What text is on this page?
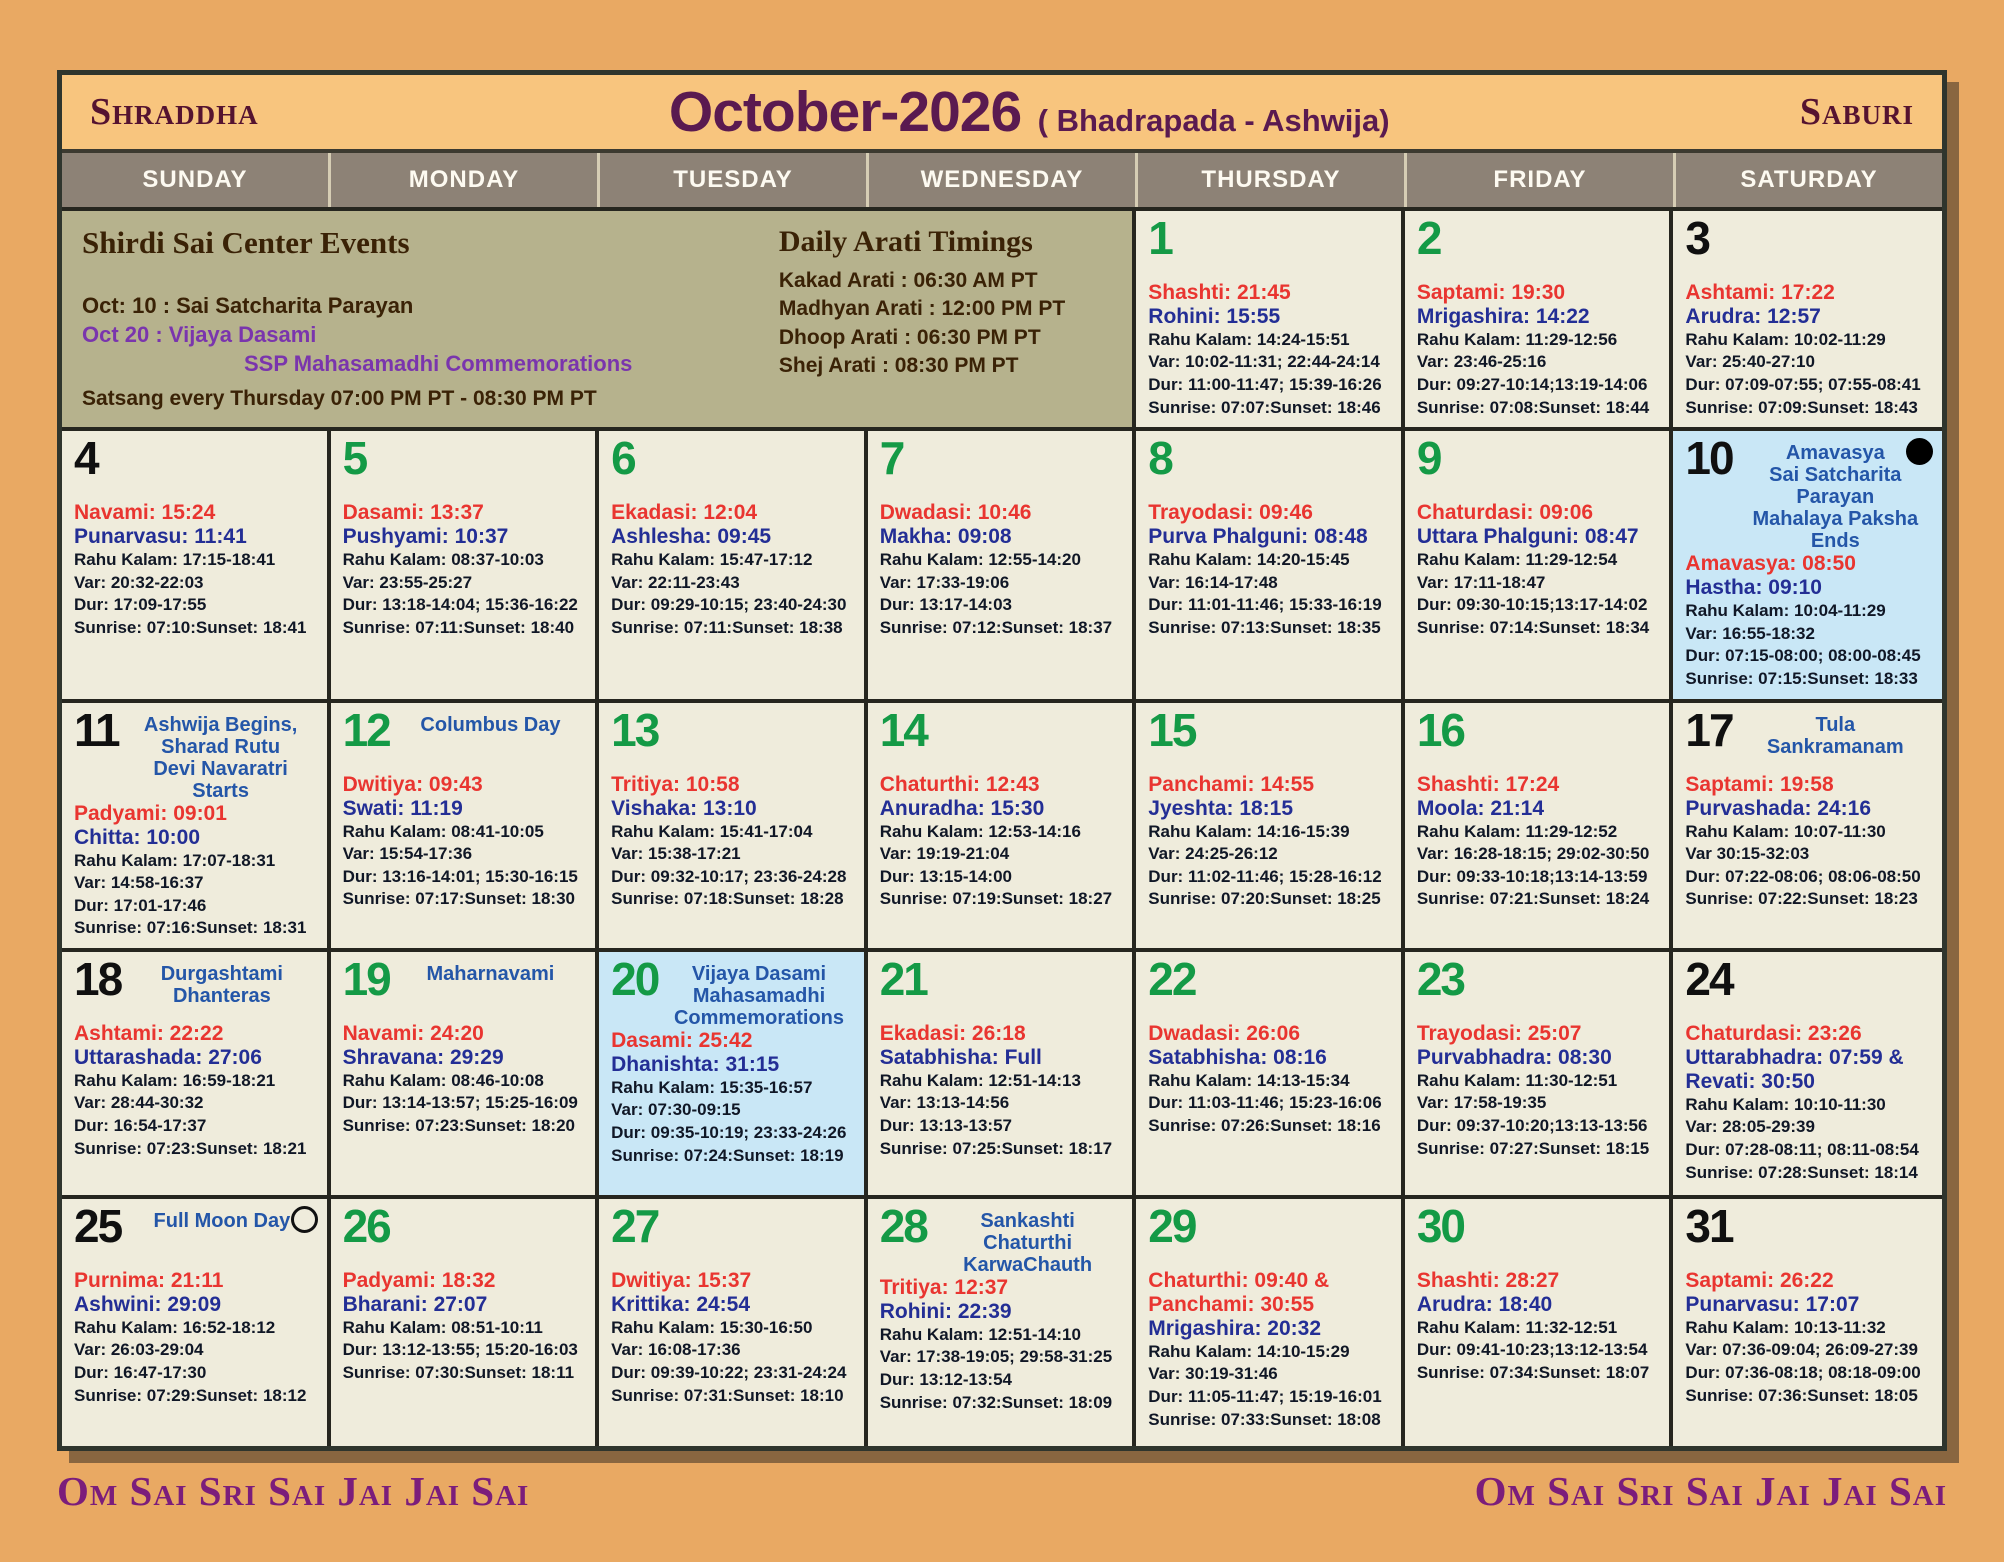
Shraddha	October-2026 ( Bhadrapada - Ashwija)	Saburi
SUNDAY	MONDAY	TUESDAY	WEDNESDAY	THURSDAY	FRIDAY	SATURDAY
Shirdi Sai Center Events
Oct: 10 : Sai Satcharita Parayan
Oct 20 : Vijaya Dasami
SSP Mahasamadhi Commemorations
Satsang every Thursday 07:00 PM PT - 08:30 PM PT
Daily Arati Timings
Kakad Arati : 06:30 AM PT
Madhyan Arati : 12:00 PM PT
Dhoop Arati : 06:30 PM PT
Shej Arati : 08:30 PM PT
1
Shashti: 21:45
Rohini: 15:55
Rahu Kalam: 14:24-15:51
Var: 10:02-11:31; 22:44-24:14
Dur: 11:00-11:47; 15:39-16:26
Sunrise: 07:07:Sunset: 18:46
2
Saptami: 19:30
Mrigashira: 14:22
Rahu Kalam: 11:29-12:56
Var: 23:46-25:16
Dur: 09:27-10:14;13:19-14:06
Sunrise: 07:08:Sunset: 18:44
3
Ashtami: 17:22
Arudra: 12:57
Rahu Kalam: 10:02-11:29
Var: 25:40-27:10
Dur: 07:09-07:55; 07:55-08:41
Sunrise: 07:09:Sunset: 18:43
4
Navami: 15:24
Punarvasu: 11:41
Rahu Kalam: 17:15-18:41
Var: 20:32-22:03
Dur: 17:09-17:55
Sunrise: 07:10:Sunset: 18:41
5
Dasami: 13:37
Pushyami: 10:37
Rahu Kalam: 08:37-10:03
Var: 23:55-25:27
Dur: 13:18-14:04; 15:36-16:22
Sunrise: 07:11:Sunset: 18:40
6
Ekadasi: 12:04
Ashlesha: 09:45
Rahu Kalam: 15:47-17:12
Var: 22:11-23:43
Dur: 09:29-10:15; 23:40-24:30
Sunrise: 07:11:Sunset: 18:38
7
Dwadasi: 10:46
Makha: 09:08
Rahu Kalam: 12:55-14:20
Var: 17:33-19:06
Dur: 13:17-14:03
Sunrise: 07:12:Sunset: 18:37
8
Trayodasi: 09:46
Purva Phalguni: 08:48
Rahu Kalam: 14:20-15:45
Var: 16:14-17:48
Dur: 11:01-11:46; 15:33-16:19
Sunrise: 07:13:Sunset: 18:35
9
Chaturdasi: 09:06
Uttara Phalguni: 08:47
Rahu Kalam: 11:29-12:54
Var: 17:11-18:47
Dur: 09:30-10:15;13:17-14:02
Sunrise: 07:14:Sunset: 18:34
10	Amavasya
Sai Satcharita
Parayan
Mahalaya Paksha Ends
Amavasya: 08:50
Hastha: 09:10
Rahu Kalam: 10:04-11:29
Var: 16:55-18:32
Dur: 07:15-08:00; 08:00-08:45
Sunrise: 07:15:Sunset: 18:33
11	Ashwija Begins,
Sharad Rutu
Devi Navaratri Starts
Padyami: 09:01
Chitta: 10:00
Rahu Kalam: 17:07-18:31
Var: 14:58-16:37
Dur: 17:01-17:46
Sunrise: 07:16:Sunset: 18:31
12	Columbus Day
Dwitiya: 09:43
Swati: 11:19
Rahu Kalam: 08:41-10:05
Var: 15:54-17:36
Dur: 13:16-14:01; 15:30-16:15
Sunrise: 07:17:Sunset: 18:30
13
Tritiya: 10:58
Vishaka: 13:10
Rahu Kalam: 15:41-17:04
Var: 15:38-17:21
Dur: 09:32-10:17; 23:36-24:28
Sunrise: 07:18:Sunset: 18:28
14
Chaturthi: 12:43
Anuradha: 15:30
Rahu Kalam: 12:53-14:16
Var: 19:19-21:04
Dur: 13:15-14:00
Sunrise: 07:19:Sunset: 18:27
15
Panchami: 14:55
Jyeshta: 18:15
Rahu Kalam: 14:16-15:39
Var: 24:25-26:12
Dur: 11:02-11:46; 15:28-16:12
Sunrise: 07:20:Sunset: 18:25
16
Shashti: 17:24
Moola: 21:14
Rahu Kalam: 11:29-12:52
Var: 16:28-18:15; 29:02-30:50
Dur: 09:33-10:18;13:14-13:59
Sunrise: 07:21:Sunset: 18:24
17	Tula
Sankramanam
Saptami: 19:58
Purvashada: 24:16
Rahu Kalam: 10:07-11:30
Var 30:15-32:03
Dur: 07:22-08:06; 08:06-08:50
Sunrise: 07:22:Sunset: 18:23
18	Durgashtami
Dhanteras
Ashtami: 22:22
Uttarashada: 27:06
Rahu Kalam: 16:59-18:21
Var: 28:44-30:32
Dur: 16:54-17:37
Sunrise: 07:23:Sunset: 18:21
19	Maharnavami
Navami: 24:20
Shravana: 29:29
Rahu Kalam: 08:46-10:08
Dur: 13:14-13:57; 15:25-16:09
Sunrise: 07:23:Sunset: 18:20
20	Vijaya Dasami
Mahasamadhi
Commemorations
Dasami: 25:42
Dhanishta: 31:15
Rahu Kalam: 15:35-16:57
Var: 07:30-09:15
Dur: 09:35-10:19; 23:33-24:26
Sunrise: 07:24:Sunset: 18:19
21
Ekadasi: 26:18
Satabhisha: Full
Rahu Kalam: 12:51-14:13
Var: 13:13-14:56
Dur: 13:13-13:57
Sunrise: 07:25:Sunset: 18:17
22
Dwadasi: 26:06
Satabhisha: 08:16
Rahu Kalam: 14:13-15:34
Dur: 11:03-11:46; 15:23-16:06
Sunrise: 07:26:Sunset: 18:16
23
Trayodasi: 25:07
Purvabhadra: 08:30
Rahu Kalam: 11:30-12:51
Var: 17:58-19:35
Dur: 09:37-10:20;13:13-13:56
Sunrise: 07:27:Sunset: 18:15
24
Chaturdasi: 23:26
Uttarabhadra: 07:59 &
Revati: 30:50
Rahu Kalam: 10:10-11:30
Var: 28:05-29:39
Dur: 07:28-08:11; 08:11-08:54
Sunrise: 07:28:Sunset: 18:14
25	Full Moon Day
Purnima: 21:11
Ashwini: 29:09
Rahu Kalam: 16:52-18:12
Var: 26:03-29:04
Dur: 16:47-17:30
Sunrise: 07:29:Sunset: 18:12
26
Padyami: 18:32
Bharani: 27:07
Rahu Kalam: 08:51-10:11
Dur: 13:12-13:55; 15:20-16:03
Sunrise: 07:30:Sunset: 18:11
27
Dwitiya: 15:37
Krittika: 24:54
Rahu Kalam: 15:30-16:50
Var: 16:08-17:36
Dur: 09:39-10:22; 23:31-24:24
Sunrise: 07:31:Sunset: 18:10
28	Sankashti
Chaturthi
KarwaChauth
Tritiya: 12:37
Rohini: 22:39
Rahu Kalam: 12:51-14:10
Var: 17:38-19:05; 29:58-31:25
Dur: 13:12-13:54
Sunrise: 07:32:Sunset: 18:09
29
Chaturthi: 09:40 &
Panchami: 30:55
Mrigashira: 20:32
Rahu Kalam: 14:10-15:29
Var: 30:19-31:46
Dur: 11:05-11:47; 15:19-16:01
Sunrise: 07:33:Sunset: 18:08
30
Shashti: 28:27
Arudra: 18:40
Rahu Kalam: 11:32-12:51
Dur: 09:41-10:23;13:12-13:54
Sunrise: 07:34:Sunset: 18:07
31
Saptami: 26:22
Punarvasu: 17:07
Rahu Kalam: 10:13-11:32
Var: 07:36-09:04; 26:09-27:39
Dur: 07:36-08:18; 08:18-09:00
Sunrise: 07:36:Sunset: 18:05
Om Sai Sri Sai Jai Jai Sai	Om Sai Sri Sai Jai Jai Sai
